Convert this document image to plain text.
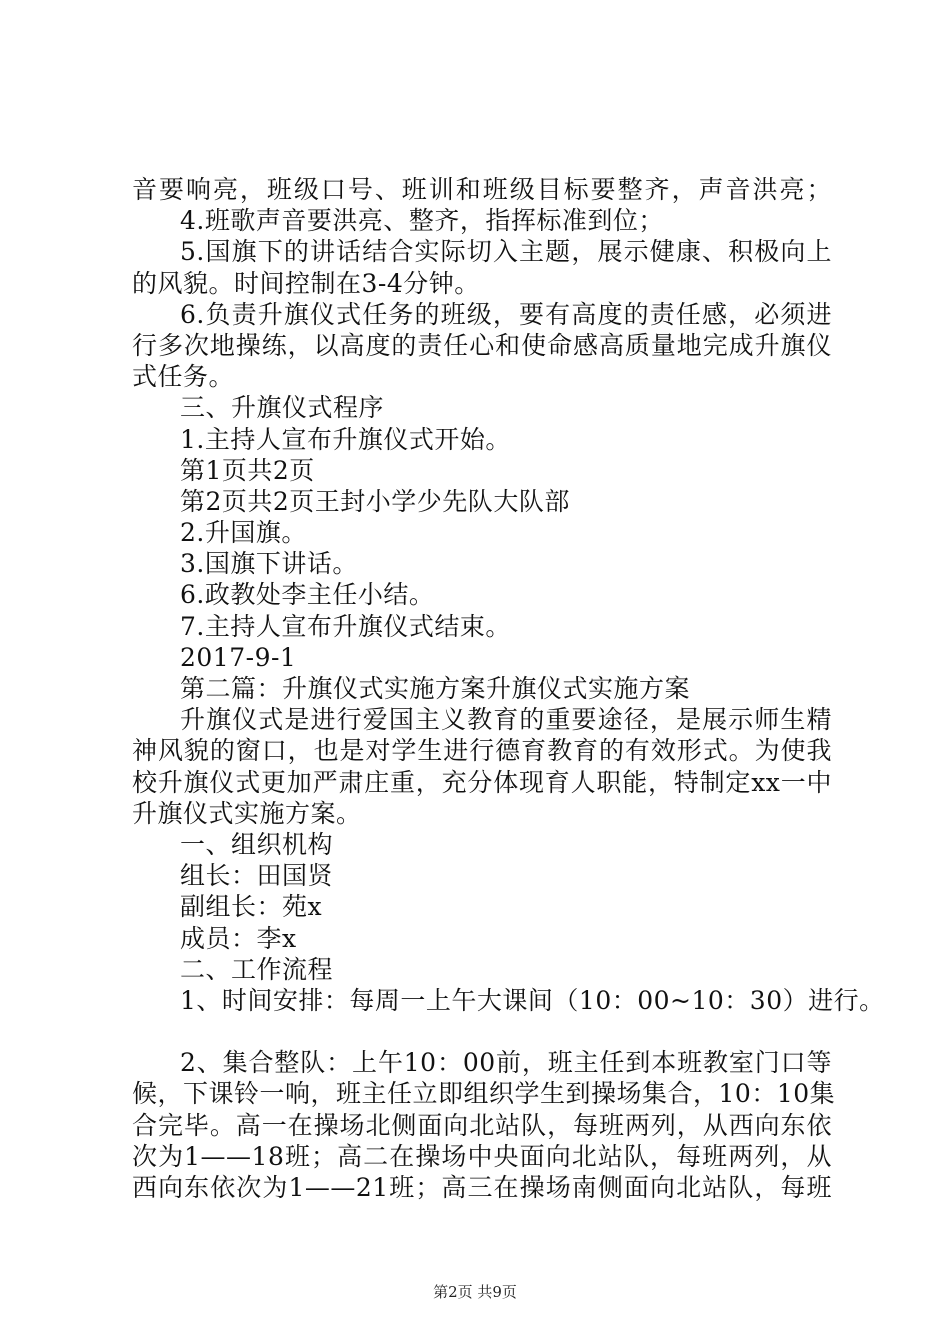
音要响亮，班级口号、班训和班级目标要整齐，声音洪亮；
4.班歌声音要洪亮、整齐，指挥标准到位；
5.国旗下的讲话结合实际切入主题，展示健康、积极向上
的风貌。时间控制在3-4分钟。
6.负责升旗仪式任务的班级，要有高度的责任感，必须进
行多次地操练，以高度的责任心和使命感高质量地完成升旗仪
式任务。
三、升旗仪式程序
1.主持人宣布升旗仪式开始。
第1页共2页
第2页共2页王封小学少先队大队部
2.升国旗。
3.国旗下讲话。
6.政教处李主任小结。
7.主持人宣布升旗仪式结束。
2017-9-1
第二篇：升旗仪式实施方案升旗仪式实施方案
升旗仪式是进行爱国主义教育的重要途径，是展示师生精
神风貌的窗口，也是对学生进行德育教育的有效形式。为使我
校升旗仪式更加严肃庄重，充分体现育人职能，特制定xx一中
升旗仪式实施方案。
一、组织机构
组长：田国贤
副组长：苑x
成员：李x
二、工作流程
1、时间安排：每周一上午大课间（10：00~10：30）进行。
2、集合整队：上午10：00前，班主任到本班教室门口等
候，下课铃一响，班主任立即组织学生到操场集合，10：10集
合完毕。高一在操场北侧面向北站队，每班两列，从西向东依
次为1——18班；高二在操场中央面向北站队，每班两列，从
西向东依次为1——21班；高三在操场南侧面向北站队，每班
第2页 共9页
